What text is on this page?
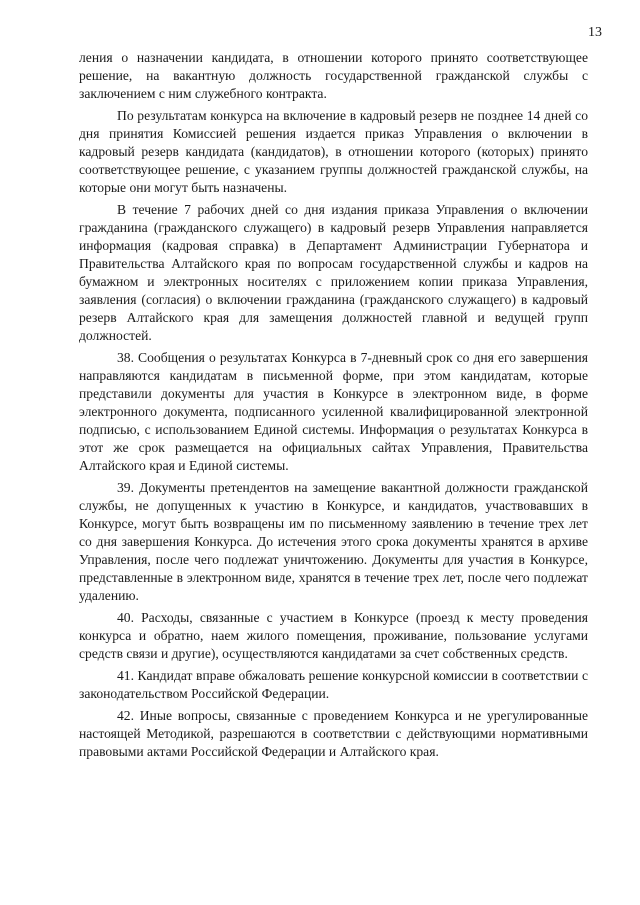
13

ления о назначении кандидата, в отношении которого принято соответствующее решение, на вакантную должность государственной гражданской службы с заключением с ним служебного контракта.

По результатам конкурса на включение в кадровый резерв не позднее 14 дней со дня принятия Комиссией решения издается приказ Управления о включении в кадровый резерв кандидата (кандидатов), в отношении которого (которых) принято соответствующее решение, с указанием группы должностей гражданской службы, на которые они могут быть назначены.

В течение 7 рабочих дней со дня издания приказа Управления о включении гражданина (гражданского служащего) в кадровый резерв Управления направляется информация (кадровая справка) в Департамент Администрации Губернатора и Правительства Алтайского края по вопросам государственной службы и кадров на бумажном и электронных носителях с приложением копии приказа Управления, заявления (согласия) о включении гражданина (гражданского служащего) в кадровый резерв Алтайского края для замещения должностей главной и ведущей групп должностей.

38. Сообщения о результатах Конкурса в 7-дневный срок со дня его завершения направляются кандидатам в письменной форме, при этом кандидатам, которые представили документы для участия в Конкурсе в электронном виде, в форме электронного документа, подписанного усиленной квалифицированной электронной подписью, с использованием Единой системы. Информация о результатах Конкурса в этот же срок размещается на официальных сайтах Управления, Правительства Алтайского края и Единой системы.

39. Документы претендентов на замещение вакантной должности гражданской службы, не допущенных к участию в Конкурсе, и кандидатов, участвовавших в Конкурсе, могут быть возвращены им по письменному заявлению в течение трех лет со дня завершения Конкурса. До истечения этого срока документы хранятся в архиве Управления, после чего подлежат уничтожению. Документы для участия в Конкурсе, представленные в электронном виде, хранятся в течение трех лет, после чего подлежат удалению.

40. Расходы, связанные с участием в Конкурсе (проезд к месту проведения конкурса и обратно, наем жилого помещения, проживание, пользование услугами средств связи и другие), осуществляются кандидатами за счет собственных средств.

41. Кандидат вправе обжаловать решение конкурсной комиссии в соответствии с законодательством Российской Федерации.

42. Иные вопросы, связанные с проведением Конкурса и не урегулированные настоящей Методикой, разрешаются в соответствии с действующими нормативными правовыми актами Российской Федерации и Алтайского края.
